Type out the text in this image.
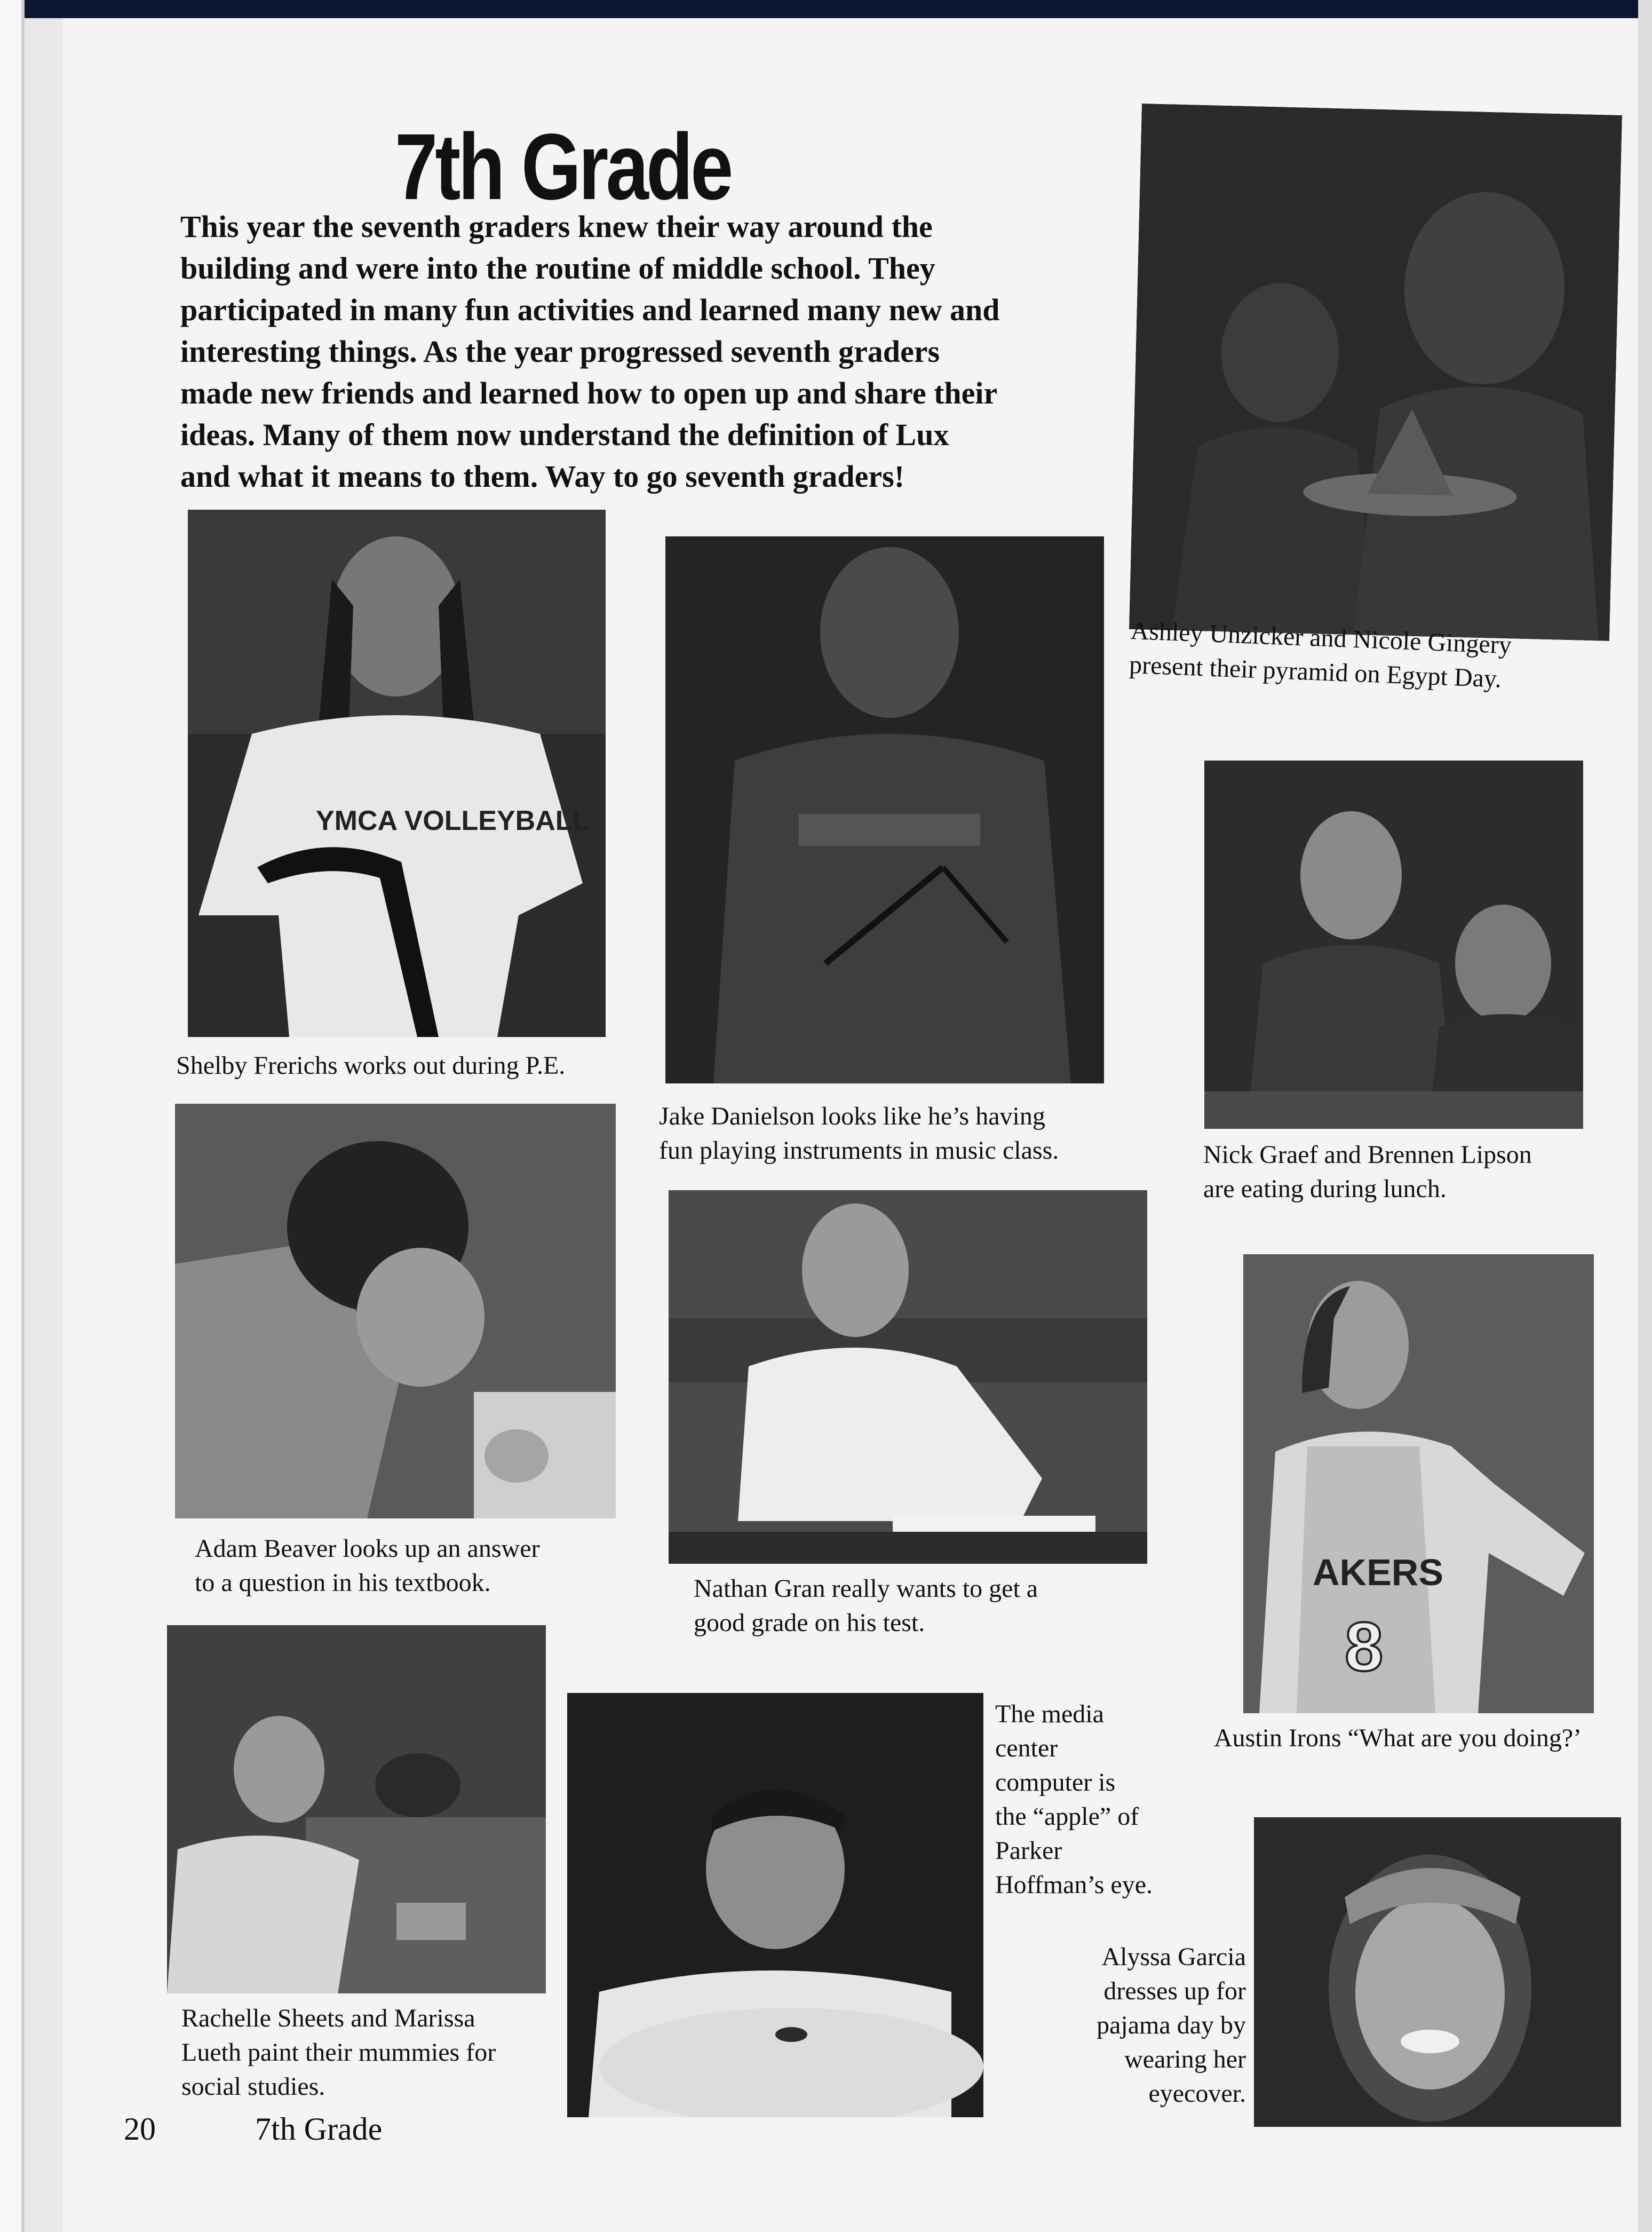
7th Grade
This year the seventh graders knew their way around the
building and were into the routine of middle school. They
participated in many fun activities and learned many new and
interesting things. As the year progressed seventh graders
made new friends and learned how to open up and share their
ideas. Many of them now understand the definition of Lux
and what it means to them. Way to go seventh graders!
Ashley Unzicker and Nicole Gingery
present their pyramid on Egypt Day.
YMCA VOLLEYBALL
Shelby Frerichs works out during P.E.
Jake Danielson looks like he’s having
fun playing instruments in music class.	Nick Graef and Brennen Lipson
are eating during lunch.
Adam Beaver looks up an answer
to a question in his textbook.	Nathan Gran really wants to get a
good grade on his test.
AKERS
8
Austin Irons “What are you doing?’
Rachelle Sheets and Marissa
Lueth paint their mummies for
social studies.
The media
center
computer is
the “apple” of
Parker
Hoffman’s eye.
Alyssa Garcia
dresses up for
pajama day by
wearing her
eyecover.
20	7th Grade
